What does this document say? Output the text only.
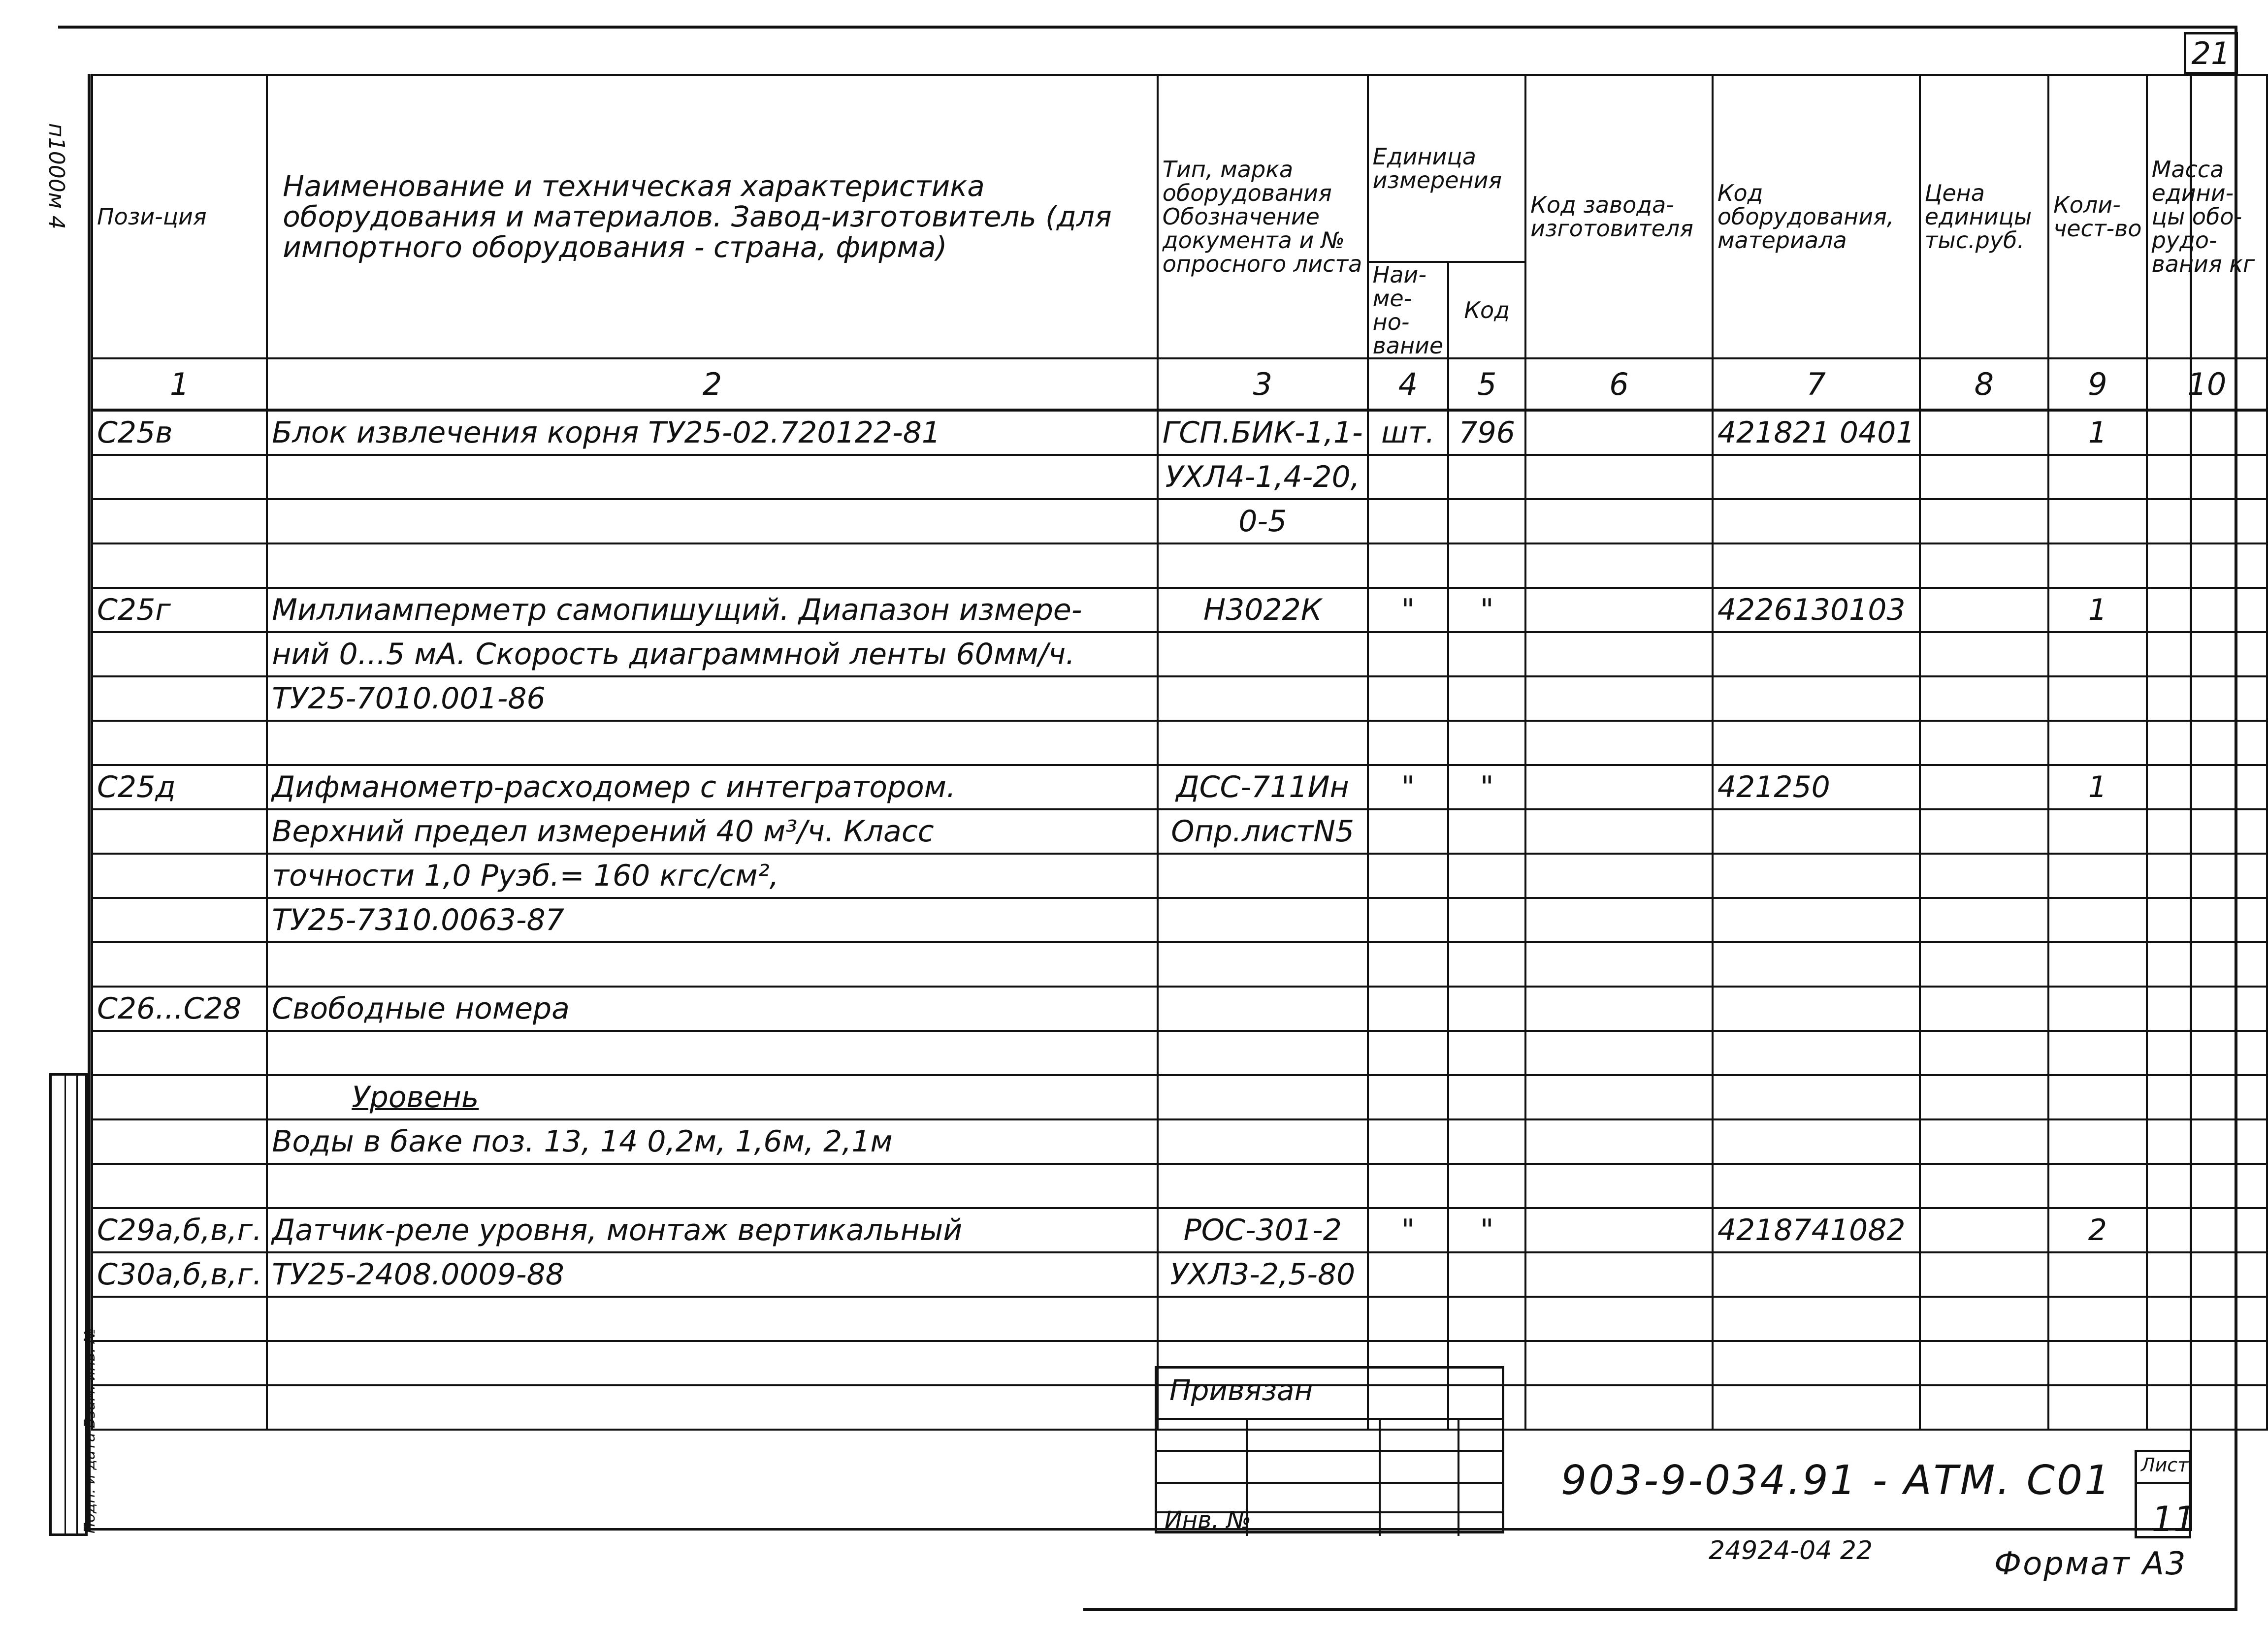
21
п1000м 4
Подп. и дата Взам. инв. №
Пози-ция	Наименование и техническая характеристика оборудования и материалов. Завод-изготовитель (для импортного оборудования - страна, фирма)	Тип, марка оборудования Обозначение документа и № опросного листа	Единица измерения		Код завода-изготовителя	Код оборудования, материала	Цена единицы тыс.руб.	Коли-чест-во	Масса едини-цы обо-рудо-вания кг
			Наи-ме-но-вание	Код					
1	2	3	4	5	6	7	8	9	10
C25в	Блок извлечения корня ТУ25-02.720122-81	ГСП.БИК-1,1-	шт.	796		421821 0401		1	
		УХЛ4-1,4-20,							
		0-5							

C25г	Миллиамперметр самопишущий. Диапазон измере-	Н3022К	"	"		4226130103		1	
	ний 0...5 мА. Скорость диаграммной ленты 60мм/ч.								
	ТУ25-7010.001-86								

C25д	Дифманометр-расходомер с интегратором.	ДСС-711Ин	"	"		421250		1	
	Верхний предел измерений 40 м³/ч. Класс	Опр.листN5							
	точности 1,0 Руэб.= 160 кгс/см²,								
	ТУ25-7310.0063-87								

C26...C28	Свободные номера								

	Уровень								
	Воды в баке поз. 13, 14 0,2м, 1,6м, 2,1м								

C29а,б,в,г.	Датчик-реле уровня, монтаж вертикальный	РОС-301-2	"	"		4218741082		2	
C30а,б,в,г.	ТУ25-2408.0009-88	УХЛ3-2,5-80							

Привязан
Инв. №
903-9-034.91 - АТМ. С01 Лист
11
24924-04 22	Формат А3
